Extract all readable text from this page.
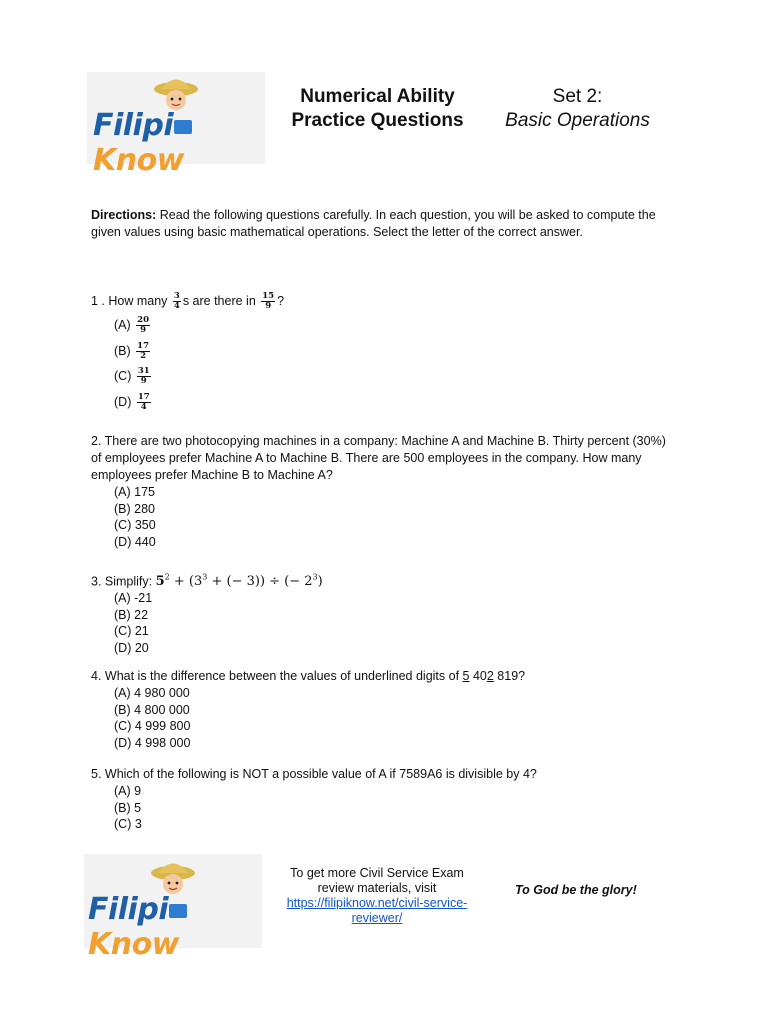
FilipiKnow
Numerical Ability
Practice Questions
Set 2:
Basic Operations
Directions: Read the following questions carefully. In each question, you will be asked to compute the given values using basic mathematical operations. Select the letter of the correct answer.
1 . How many $\frac{3}{4}$ s are there in $\frac{15}{9}$ ?
$(A) \frac{20}{9}$
$(B) \frac{17}{2}$
$(C) \frac{31}{9}$
$(D) \frac{17}{4}$
2. There are two photocopying machines in a company: Machine A and Machine B. Thirty percent (30%) of employees prefer Machine A to Machine B. There are 500 employees in the company. How many employees prefer Machine B to Machine A?
(A) 175
(B) 280
(C) 350
(D) 440
3. Simplify: $5^2 + (3^3$ + (− 3)) ÷ (− $2^3$)
(A) -21
(B) 22
(C) 21
(D) 20
4. What is the difference between the values of underlined digits of 5 402 819?
(A) 4 980 000
(B) 4 800 000
(C) 4 999 800
(D) 4 998 000
5. Which of the following is NOT a possible value of A if 7589A6 is divisible by 4?
(A) 9
(B) 5
(C) 3
FilipiKnow
To get more Civil Service Exam
review materials, visit
https://filipiknow.net/civil-service-
reviewer/
To God be the glory!
